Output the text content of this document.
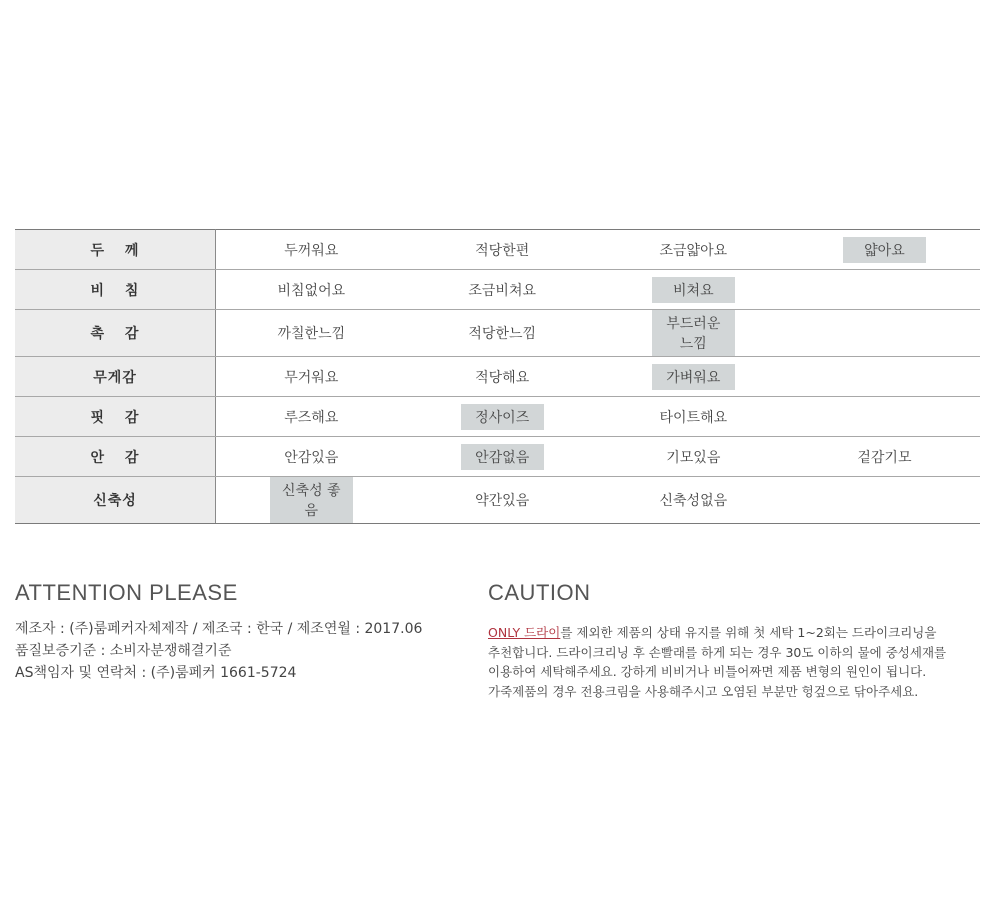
두 께	두꺼워요	적당한편	조금얇아요	얇아요
비 침	비침없어요	조금비쳐요	비쳐요	
촉 감	까칠한느낌	적당한느낌	부드러운느낌	
무게감	무거워요	적당해요	가벼워요	
핏 감	루즈해요	정사이즈	타이트해요	
안 감	안감있음	안감없음	기모있음	겉감기모
신축성	신축성 좋음	약간있음	신축성없음	
ATTENTION PLEASE
제조자 : (주)룸페커자체제작 / 제조국 : 한국 / 제조연월 : 2017.06
품질보증기준 : 소비자분쟁해결기준
AS책임자 및 연락처 : (주)룸페커 1661-5724
CAUTION
ONLY 드라이를 제외한 제품의 상태 유지를 위해 첫 세탁 1~2회는 드라이크리닝을
추천합니다. 드라이크리닝 후 손빨래를 하게 되는 경우 30도 이하의 물에 중성세재를
이용하여 세탁해주세요. 강하게 비비거나 비틀어짜면 제품 변형의 원인이 됩니다.
가죽제품의 경우 전용크림을 사용해주시고 오염된 부분만 헝겊으로 닦아주세요.
